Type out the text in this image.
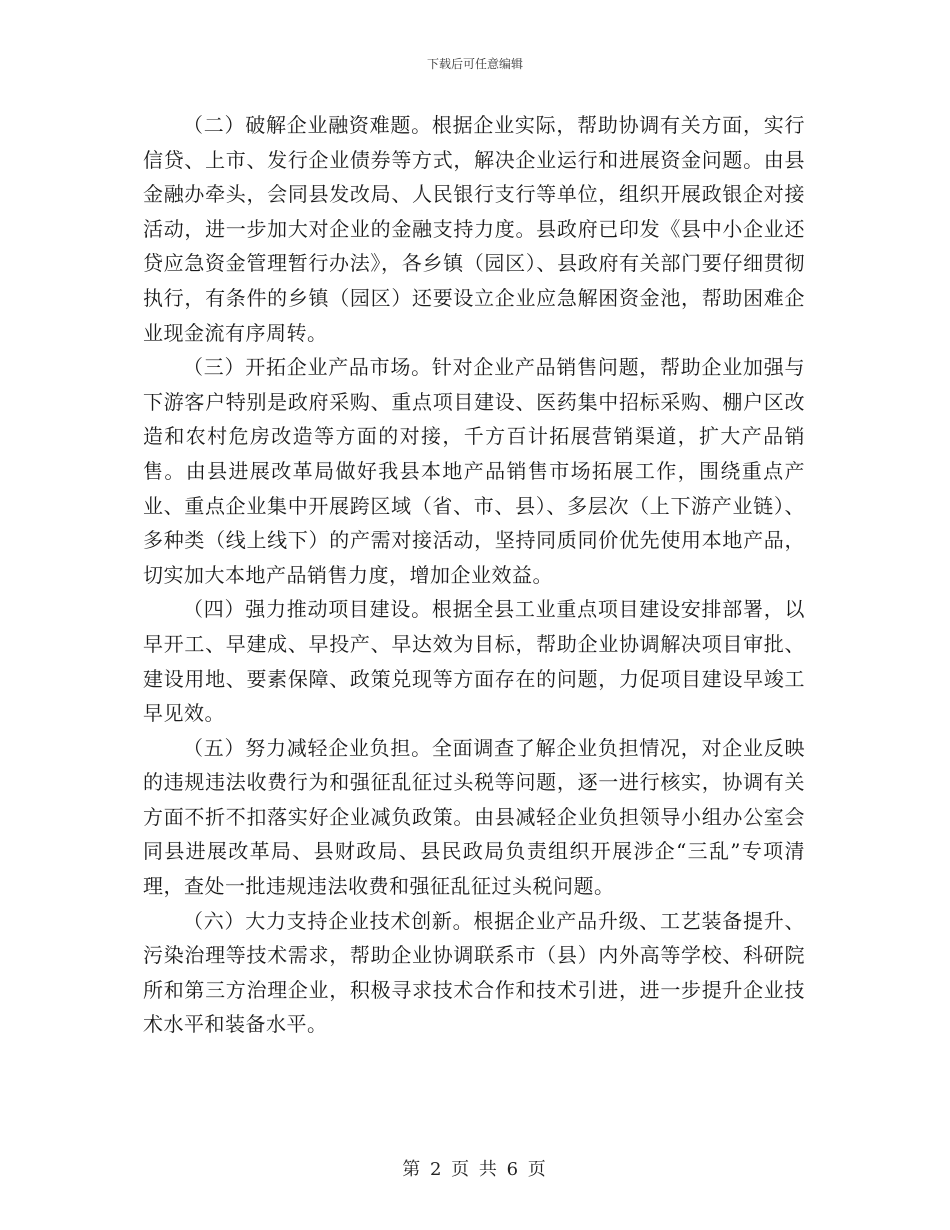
下载后可任意编辑

（二）破解企业融资难题。根据企业实际，帮助协调有关方面，实行信贷、上市、发行企业债券等方式，解决企业运行和进展资金问题。由县金融办牵头，会同县发改局、人民银行支行等单位，组织开展政银企对接活动，进一步加大对企业的金融支持力度。县政府已印发《县中小企业还贷应急资金管理暂行办法》，各乡镇（园区）、县政府有关部门要仔细贯彻执行，有条件的乡镇（园区）还要设立企业应急解困资金池，帮助困难企业现金流有序周转。

（三）开拓企业产品市场。针对企业产品销售问题，帮助企业加强与下游客户特别是政府采购、重点项目建设、医药集中招标采购、棚户区改造和农村危房改造等方面的对接，千方百计拓展营销渠道，扩大产品销售。由县进展改革局做好我县本地产品销售市场拓展工作，围绕重点产业、重点企业集中开展跨区域（省、市、县）、多层次（上下游产业链）、多种类（线上线下）的产需对接活动，坚持同质同价优先使用本地产品，切实加大本地产品销售力度，增加企业效益。

（四）强力推动项目建设。根据全县工业重点项目建设安排部署，以早开工、早建成、早投产、早达效为目标，帮助企业协调解决项目审批、建设用地、要素保障、政策兑现等方面存在的问题，力促项目建设早竣工早见效。

（五）努力减轻企业负担。全面调查了解企业负担情况，对企业反映的违规违法收费行为和强征乱征过头税等问题，逐一进行核实，协调有关方面不折不扣落实好企业减负政策。由县减轻企业负担领导小组办公室会同县进展改革局、县财政局、县民政局负责组织开展涉企“三乱”专项清理，查处一批违规违法收费和强征乱征过头税问题。

（六）大力支持企业技术创新。根据企业产品升级、工艺装备提升、污染治理等技术需求，帮助企业协调联系市（县）内外高等学校、科研院所和第三方治理企业，积极寻求技术合作和技术引进，进一步提升企业技术水平和装备水平。

第 2 页 共 6 页
